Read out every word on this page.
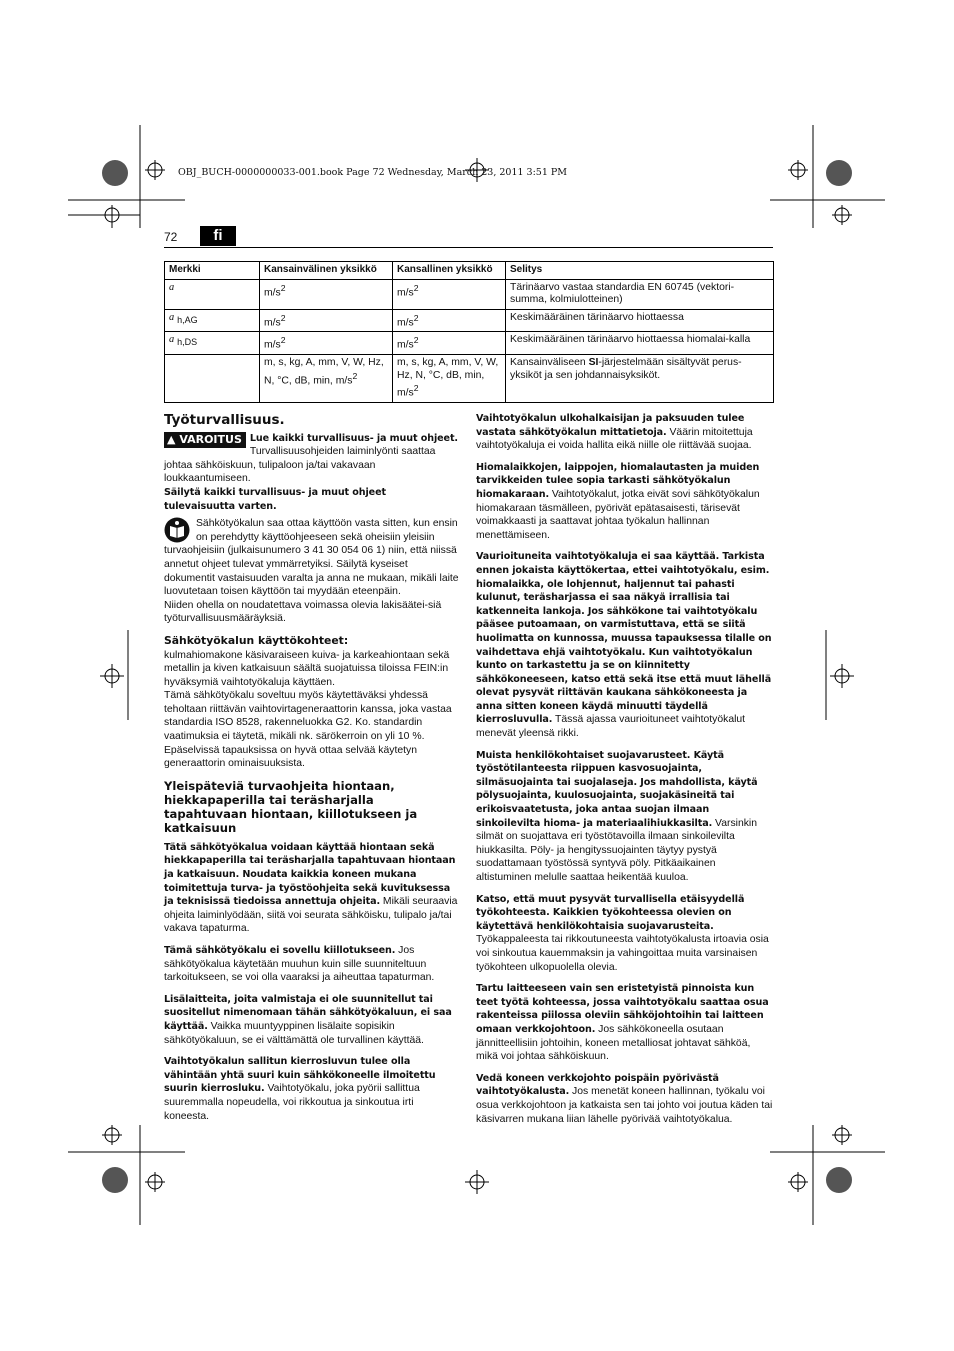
OBJ_BUCH-0000000033-001.book Page 72 Wednesday, March 23, 2011 3:51 PM
72	fi
Merkki	Kansainvälinen yksikkö	Kansallinen yksikkö	Selitys
a	$m/s^2$	$m/s^2$	Tärinäarvo vastaa standardia EN 60745 (vektori-summa, kolmiulotteinen)
a $_{h,AG}$	$m/s^2$	$m/s^2$	Keskimääräinen tärinäarvo hiottaessa
a $_{h,DS}$	$m/s^2$	$m/s^2$	Keskimääräinen tärinäarvo hiottaessa hiomalai-kalla
	m, s, kg, A, mm, V, W, Hz, N, °C, dB, min, $m/s^2$	m, s, kg, A, mm, V, W, Hz, N, °C, dB, min, $m/s^2$	Kansainväliseen SI-järjestelmään sisältyvät perus-yksiköt ja sen johdannaisyksiköt.
Työturvallisuus.

▲ VAROITUS Lue kaikki turvallisuus- ja muut ohjeet. Turvallisuusohjeiden laiminlyönti saattaa johtaa sähköiskuun, tulipaloon ja/tai vakavaan loukkaantumiseen.

Säilytä kaikki turvallisuus- ja muut ohjeet tulevaisuutta varten.

Sähkötyökalun saa ottaa käyttöön vasta sitten, kun ensin on perehdytty käyttöohjeeseen sekä oheisiin yleisiin turvaohjeisiin (julkaisunumero 3 41 30 054 06 1) niin, että niissä annetut ohjeet tulevat ymmärretyiksi. Säilytä kyseiset dokumentit vastaisuuden varalta ja anna ne mukaan, mikäli laite luovutetaan toisen käyttöön tai myydään eteenpäin.

Niiden ohella on noudatettava voimassa olevia lakisäätei-siä työturvallisuusmääräyksiä.

Sähkötyökalun käyttökohteet:

kulmahiomakone käsivaraiseen kuiva- ja karkeahiontaan sekä metallin ja kiven katkaisuun säältä suojatuissa tiloissa FEIN:in hyväksymiä vaihtotyökaluja käyttäen.

Tämä sähkötyökalu soveltuu myös käytettäväksi yhdessä teholtaan riittävän vaihtovirtageneraattorin kanssa, joka vastaa standardia ISO 8528, rakenneluokka G2. Ko. standardin vaatimuksia ei täytetä, mikäli nk. särökerroin on yli 10 %. Epäselvissä tapauksissa on hyvä ottaa selvää käytetyn generaattorin ominaisuuksista.

Yleispäteviä turvaohjeita hiontaan, hiekkapaperilla tai teräsharjalla tapahtuvaan hiontaan, kiillotukseen ja katkaisuun

Tätä sähkötyökalua voidaan käyttää hiontaan sekä hiekkapaperilla tai teräsharjalla tapahtuvaan hiontaan ja katkaisuun. Noudata kaikkia koneen mukana toimitettuja turva- ja työstöohjeita sekä kuvituksessa ja teknisissä tiedoissa annettuja ohjeita. Mikäli seuraavia ohjeita laiminlyödään, siitä voi seurata sähköisku, tulipalo ja/tai vakava tapaturma.

Tämä sähkötyökalu ei sovellu kiillotukseen. Jos sähkötyökalua käytetään muuhun kuin sille suunniteltuun tarkoitukseen, se voi olla vaaraksi ja aiheuttaa tapaturman.

Lisälaitteita, joita valmistaja ei ole suunnitellut tai suositellut nimenomaan tähän sähkötyökaluun, ei saa käyttää. Vaikka muuntyyppinen lisälaite sopisikin sähkötyökaluun, se ei välttämättä ole turvallinen käyttää.

Vaihtotyökalun sallitun kierrosluvun tulee olla vähintään yhtä suuri kuin sähkökoneelle ilmoitettu suurin kierrosluku. Vaihtotyökalu, joka pyörii sallittua suuremmalla nopeudella, voi rikkoutua ja sinkoutua irti koneesta.

Vaihtotyökalun ulkohalkaisijan ja paksuuden tulee vastata sähkötyökalun mittatietoja. Väärin mitoitettuja vaihtotyökaluja ei voida hallita eikä niille ole riittävää suojaa.

Hiomalaikkojen, laippojen, hiomalautasten ja muiden tarvikkeiden tulee sopia tarkasti sähkötyökalun hiomakaraan. Vaihtotyökalut, jotka eivät sovi sähkötyökalun hiomakaraan täsmälleen, pyörivät epätasaisesti, tärisevät voimakkaasti ja saattavat johtaa työkalun hallinnan menettämiseen.

Vaurioituneita vaihtotyökaluja ei saa käyttää. Tarkista ennen jokaista käyttökertaa, ettei vaihtotyökalu, esim. hiomalaikka, ole lohjennut, haljennut tai pahasti kulunut, teräsharjassa ei saa näkyä irrallisia tai katkenneita lankoja. Jos sähkökone tai vaihtotyökalu pääsee putoamaan, on varmistuttava, että se siitä huolimatta on kunnossa, muussa tapauksessa tilalle on vaihdettava ehjä vaihtotyökalu. Kun vaihtotyökalun kunto on tarkastettu ja se on kiinnitetty sähkökoneeseen, katso että sekä itse että muut lähellä olevat pysyvät riittävän kaukana sähkökoneesta ja anna sitten koneen käydä minuutti täydellä kierrosluvulla. Tässä ajassa vaurioituneet vaihtotyökalut menevät yleensä rikki.

Muista henkilökohtaiset suojavarusteet. Käytä työstötilanteesta riippuen kasvosuojainta, silmäsuojainta tai suojalaseja. Jos mahdollista, käytä pölysuojainta, kuulosuojainta, suojakäsineitä tai erikoisvaatetusta, joka antaa suojan ilmaan sinkoilevilta hioma- ja materiaalihiukkasilta. Varsinkin silmät on suojattava eri työstötavoilla ilmaan sinkoilevilta hiukkasilta. Pöly- ja hengityssuojainten täytyy pystyä suodattamaan työstössä syntyvä pöly. Pitkäaikainen altistuminen melulle saattaa heikentää kuuloa.

Katso, että muut pysyvät turvallisella etäisyydellä työkohteesta. Kaikkien työkohteessa olevien on käytettävä henkilökohtaisia suojavarusteita. Työkappaleesta tai rikkoutuneesta vaihtotyökalusta irtoavia osia voi sinkoutua kauemmaksin ja vahingoittaa muita varsinaisen työkohteen ulkopuolella olevia.

Tartu laitteeseen vain sen eristetyistä pinnoista kun teet työtä kohteessa, jossa vaihtotyökalu saattaa osua rakenteissa piilossa oleviin sähköjohtoihin tai laitteen omaan verkkojohtoon. Jos sähkökoneella osutaan jännitteellisiin johtoihin, koneen metalliosat johtavat sähköä, mikä voi johtaa sähköiskuun.

Vedä koneen verkkojohto poispäin pyörivästä vaihtotyökalusta. Jos menetät koneen hallinnan, työkalu voi osua verkkojohtoon ja katkaista sen tai johto voi joutua käden tai käsivarren mukana liian lähelle pyörivää vaihtotyökalua.
